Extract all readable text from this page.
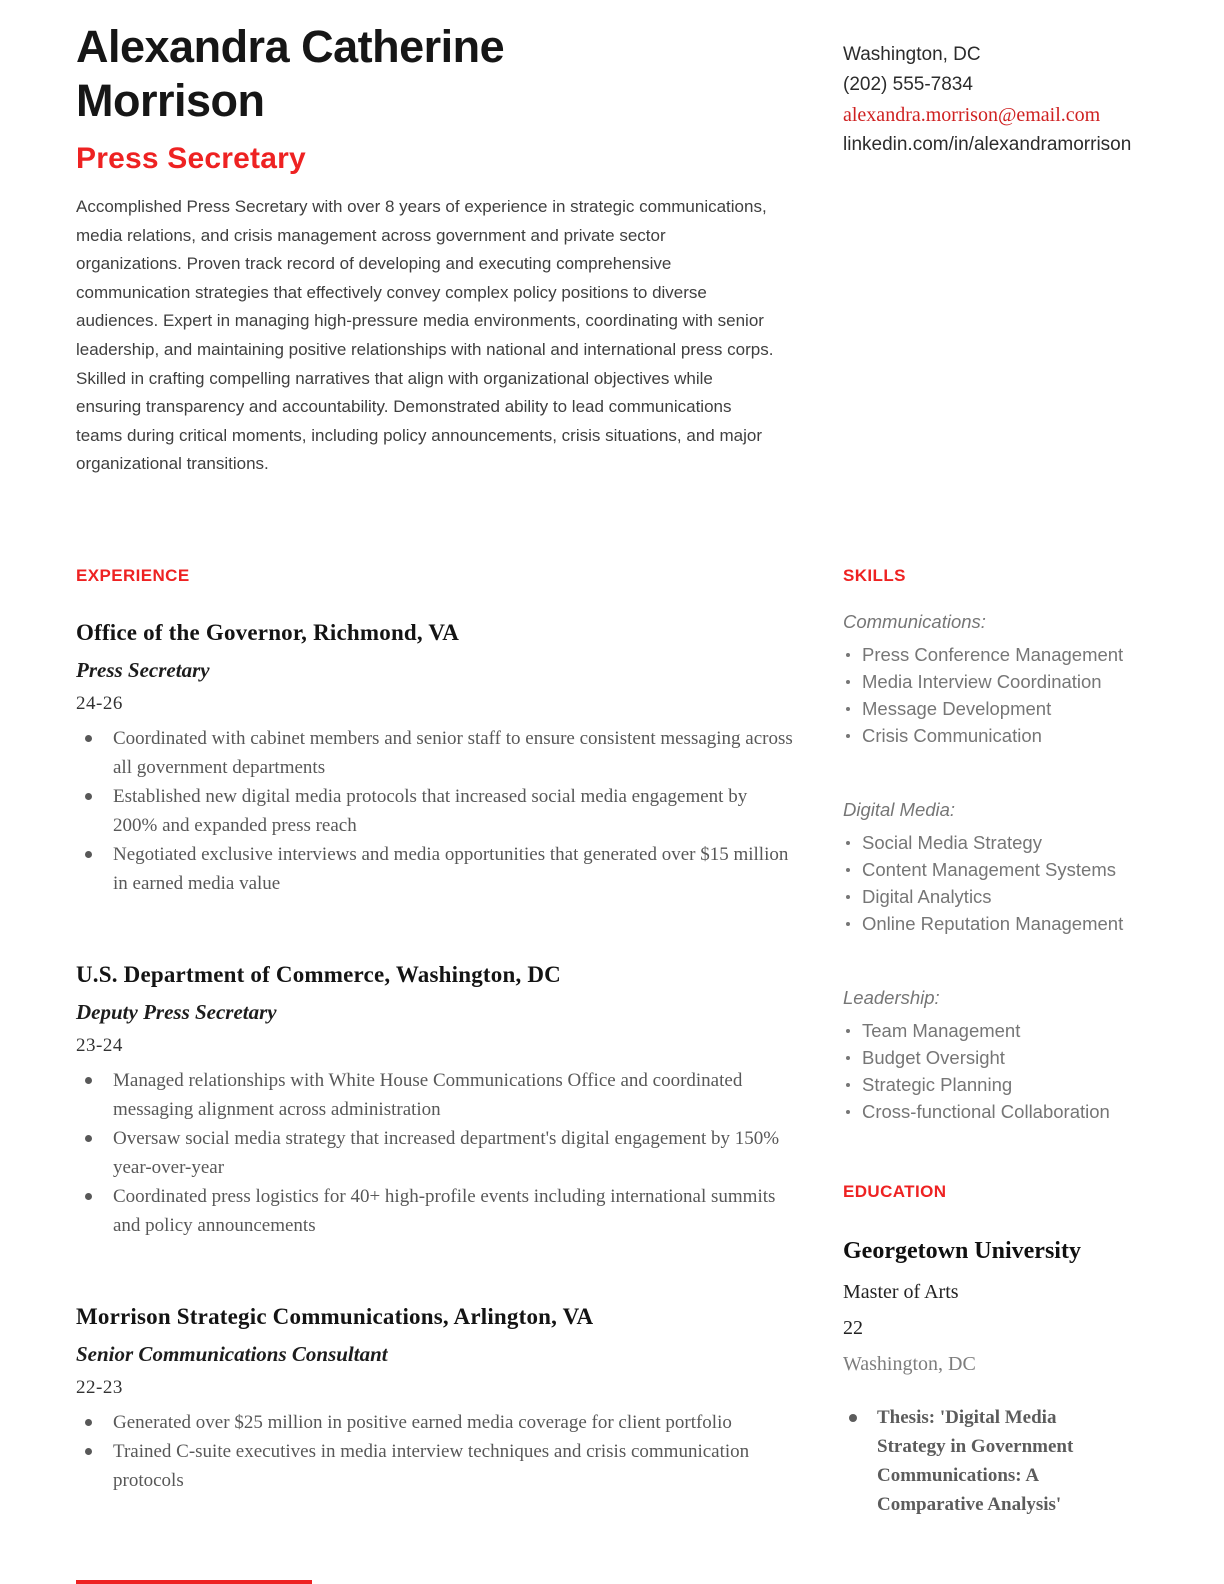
Alexandra Catherine Morrison
Press Secretary

Accomplished Press Secretary with over 8 years of experience in strategic communications, media relations, and crisis management across government and private sector organizations. Proven track record of developing and executing comprehensive communication strategies that effectively convey complex policy positions to diverse audiences. Expert in managing high-pressure media environments, coordinating with senior leadership, and maintaining positive relationships with national and international press corps. Skilled in crafting compelling narratives that align with organizational objectives while ensuring transparency and accountability. Demonstrated ability to lead communications teams during critical moments, including policy announcements, crisis situations, and major organizational transitions.

Washington, DC
(202) 555-7834
alexandra.morrison@email.com
linkedin.com/in/alexandramorrison
EXPERIENCE
Office of the Governor, Richmond, VA
Press Secretary
24-26
Coordinated with cabinet members and senior staff to ensure consistent messaging across all government departments
Established new digital media protocols that increased social media engagement by 200% and expanded press reach
Negotiated exclusive interviews and media opportunities that generated over $15 million in earned media value
U.S. Department of Commerce, Washington, DC
Deputy Press Secretary
23-24
Managed relationships with White House Communications Office and coordinated messaging alignment across administration
Oversaw social media strategy that increased department's digital engagement by 150% year-over-year
Coordinated press logistics for 40+ high-profile events including international summits and policy announcements
Morrison Strategic Communications, Arlington, VA
Senior Communications Consultant
22-23
Generated over $25 million in positive earned media coverage for client portfolio
Trained C-suite executives in media interview techniques and crisis communication protocols
SKILLS
Communications:
Press Conference Management
Media Interview Coordination
Message Development
Crisis Communication
Digital Media:
Social Media Strategy
Content Management Systems
Digital Analytics
Online Reputation Management
Leadership:
Team Management
Budget Oversight
Strategic Planning
Cross-functional Collaboration
EDUCATION
Georgetown University
Master of Arts
22
Washington, DC
Thesis: 'Digital Media Strategy in Government Communications: A Comparative Analysis'
